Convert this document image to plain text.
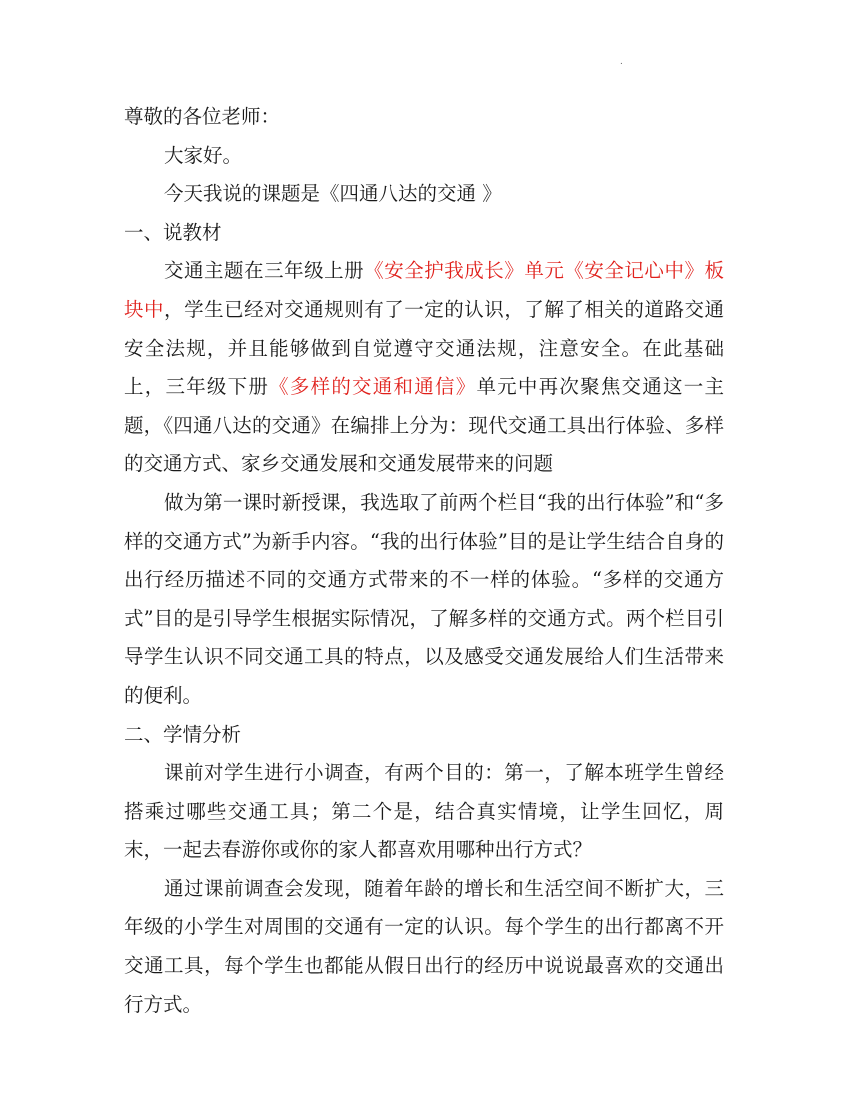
.

尊敬的各位老师：

大家好。

今天我说的课题是《四通八达的交通 》

一、说教材

交通主题在三年级上册《安全护我成长》单元《安全记心中》板块中，学生已经对交通规则有了一定的认识，了解了相关的道路交通安全法规，并且能够做到自觉遵守交通法规，注意安全。在此基础上，三年级下册《多样的交通和通信》单元中再次聚焦交通这一主题，《四通八达的交通》在编排上分为：现代交通工具出行体验、多样的交通方式、家乡交通发展和交通发展带来的问题

做为第一课时新授课，我选取了前两个栏目“我的出行体验”和“多样的交通方式”为新手内容。“我的出行体验”目的是让学生结合自身的出行经历描述不同的交通方式带来的不一样的体验。“多样的交通方式”目的是引导学生根据实际情况，了解多样的交通方式。两个栏目引导学生认识不同交通工具的特点，以及感受交通发展给人们生活带来的便利。

二、学情分析

课前对学生进行小调查，有两个目的：第一，了解本班学生曾经搭乘过哪些交通工具；第二个是，结合真实情境，让学生回忆，周末，一起去春游你或你的家人都喜欢用哪种出行方式？

通过课前调查会发现，随着年龄的增长和生活空间不断扩大，三年级的小学生对周围的交通有一定的认识。每个学生的出行都离不开交通工具，每个学生也都能从假日出行的经历中说说最喜欢的交通出行方式。
